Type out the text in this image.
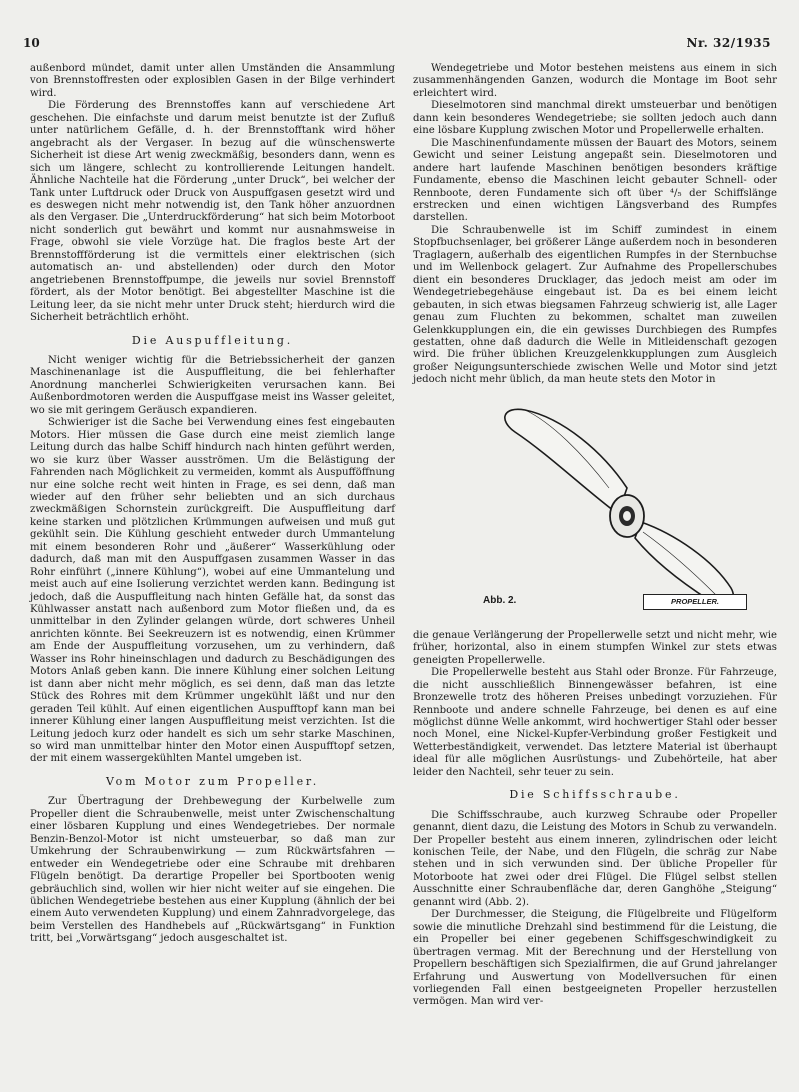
10	Nr. 32/1935

außenbord mündet, damit unter allen Umständen die Ansammlung von Brennstoffresten oder explosiblen Gasen in der Bilge verhindert wird.

Die Förderung des Brennstoffes kann auf verschiedene Art geschehen. Die einfachste und darum meist benutzte ist der Zufluß unter natürlichem Gefälle, d. h. der Brennstofftank wird höher angebracht als der Vergaser. In bezug auf die wünschenswerte Sicherheit ist diese Art wenig zweckmäßig, besonders dann, wenn es sich um längere, schlecht zu kontrollierende Leitungen handelt. Ähnliche Nachteile hat die Förderung „unter Druck“, bei welcher der Tank unter Luftdruck oder Druck von Auspuffgasen gesetzt wird und es deswegen nicht mehr notwendig ist, den Tank höher anzuordnen als den Vergaser. Die „Unterdruckförderung“ hat sich beim Motorboot nicht sonderlich gut bewährt und kommt nur ausnahmsweise in Frage, obwohl sie viele Vorzüge hat. Die fraglos beste Art der Brennstoffförderung ist die vermittels einer elektrischen (sich automatisch an- und abstellenden) oder durch den Motor angetriebenen Brennstoffpumpe, die jeweils nur soviel Brennstoff fördert, als der Motor benötigt. Bei abgestellter Maschine ist die Leitung leer, da sie nicht mehr unter Druck steht; hierdurch wird die Sicherheit beträchtlich erhöht.

Die Auspuffleitung.

Nicht weniger wichtig für die Betriebssicherheit der ganzen Maschinenanlage ist die Auspuffleitung, die bei fehlerhafter Anordnung mancherlei Schwierigkeiten verursachen kann. Bei Außenbordmotoren werden die Auspuffgase meist ins Wasser geleitet, wo sie mit geringem Geräusch expandieren.

Schwieriger ist die Sache bei Verwendung eines fest eingebauten Motors. Hier müssen die Gase durch eine meist ziemlich lange Leitung durch das halbe Schiff hindurch nach hinten geführt werden, wo sie kurz über Wasser ausströmen. Um die Belästigung der Fahrenden nach Möglichkeit zu vermeiden, kommt als Auspufföffnung nur eine solche recht weit hinten in Frage, es sei denn, daß man wieder auf den früher sehr beliebten und an sich durchaus zweckmäßigen Schornstein zurückgreift. Die Auspuffleitung darf keine starken und plötzlichen Krümmungen aufweisen und muß gut gekühlt sein. Die Kühlung geschieht entweder durch Ummantelung mit einem besonderen Rohr und „äußerer“ Wasserkühlung oder dadurch, daß man mit den Auspuffgasen zusammen Wasser in das Rohr einführt („innere Kühlung“), wobei auf eine Ummantelung und meist auch auf eine Isolierung verzichtet werden kann. Bedingung ist jedoch, daß die Auspuffleitung nach hinten Gefälle hat, da sonst das Kühlwasser anstatt nach außenbord zum Motor fließen und, da es unmittelbar in den Zylinder gelangen würde, dort schweres Unheil anrichten könnte. Bei Seekreuzern ist es notwendig, einen Krümmer am Ende der Auspuffleitung vorzusehen, um zu verhindern, daß Wasser ins Rohr hineinschlagen und dadurch zu Beschädigungen des Motors Anlaß geben kann. Die innere Kühlung einer solchen Leitung ist dann aber nicht mehr möglich, es sei denn, daß man das letzte Stück des Rohres mit dem Krümmer ungekühlt läßt und nur den geraden Teil kühlt. Auf einen eigentlichen Auspufftopf kann man bei innerer Kühlung einer langen Auspuffleitung meist verzichten. Ist die Leitung jedoch kurz oder handelt es sich um sehr starke Maschinen, so wird man unmittelbar hinter den Motor einen Auspufftopf setzen, der mit einem wassergekühlten Mantel umgeben ist.

Vom Motor zum Propeller.

Zur Übertragung der Drehbewegung der Kurbelwelle zum Propeller dient die Schraubenwelle, meist unter Zwischenschaltung einer lösbaren Kupplung und eines Wendegetriebes. Der normale Benzin-Benzol-Motor ist nicht umsteuerbar, so daß man zur Umkehrung der Schraubenwirkung — zum Rückwärtsfahren — entweder ein Wendegetriebe oder eine Schraube mit drehbaren Flügeln benötigt. Da derartige Propeller bei Sportbooten wenig gebräuchlich sind, wollen wir hier nicht weiter auf sie eingehen. Die üblichen Wendegetriebe bestehen aus einer Kupplung (ähnlich der bei einem Auto verwendeten Kupplung) und einem Zahnradvorgelege, das beim Verstellen des Handhebels auf „Rückwärtsgang“ in Funktion tritt, bei „Vorwärtsgang“ jedoch ausgeschaltet ist.

Wendegetriebe und Motor bestehen meistens aus einem in sich zusammenhängenden Ganzen, wodurch die Montage im Boot sehr erleichtert wird.

Dieselmotoren sind manchmal direkt umsteuerbar und benötigen dann kein besonderes Wendegetriebe; sie sollten jedoch auch dann eine lösbare Kupplung zwischen Motor und Propellerwelle erhalten.

Die Maschinenfundamente müssen der Bauart des Motors, seinem Gewicht und seiner Leistung angepaßt sein. Dieselmotoren und andere hart laufende Maschinen benötigen besonders kräftige Fundamente, ebenso die Maschinen leicht gebauter Schnell- oder Rennboote, deren Fundamente sich oft über ⁴/₅ der Schiffslänge erstrecken und einen wichtigen Längsverband des Rumpfes darstellen.

Die Schraubenwelle ist im Schiff zumindest in einem Stopfbuchsenlager, bei größerer Länge außerdem noch in besonderen Traglagern, außerhalb des eigentlichen Rumpfes in der Sternbuchse und im Wellenbock gelagert. Zur Aufnahme des Propellerschubes dient ein besonderes Drucklager, das jedoch meist am oder im Wendegetriebegehäuse eingebaut ist. Da es bei einem leicht gebauten, in sich etwas biegsamen Fahrzeug schwierig ist, alle Lager genau zum Fluchten zu bekommen, schaltet man zuweilen Gelenkkupplungen ein, die ein gewisses Durchbiegen des Rumpfes gestatten, ohne daß dadurch die Welle in Mitleidenschaft gezogen wird. Die früher üblichen Kreuzgelenkkupplungen zum Ausgleich großer Neigungsunterschiede zwischen Welle und Motor sind jetzt jedoch nicht mehr üblich, da man heute stets den Motor in

Abb. 2.	PROPELLER.

die genaue Verlängerung der Propellerwelle setzt und nicht mehr, wie früher, horizontal, also in einem stumpfen Winkel zur stets etwas geneigten Propellerwelle.

Die Propellerwelle besteht aus Stahl oder Bronze. Für Fahrzeuge, die nicht ausschließlich Binnengewässer befahren, ist eine Bronzewelle trotz des höheren Preises unbedingt vorzuziehen. Für Rennboote und andere schnelle Fahrzeuge, bei denen es auf eine möglichst dünne Welle ankommt, wird hochwertiger Stahl oder besser noch Monel, eine Nickel-Kupfer-Verbindung großer Festigkeit und Wetterbeständigkeit, verwendet. Das letztere Material ist überhaupt ideal für alle möglichen Ausrüstungs- und Zubehörteile, hat aber leider den Nachteil, sehr teuer zu sein.

Die Schiffsschraube.

Die Schiffsschraube, auch kurzweg Schraube oder Propeller genannt, dient dazu, die Leistung des Motors in Schub zu verwandeln. Der Propeller besteht aus einem inneren, zylindrischen oder leicht konischen Teile, der Nabe, und den Flügeln, die schräg zur Nabe stehen und in sich verwunden sind. Der übliche Propeller für Motorboote hat zwei oder drei Flügel. Die Flügel selbst stellen Ausschnitte einer Schraubenfläche dar, deren Ganghöhe „Steigung“ genannt wird (Abb. 2).

Der Durchmesser, die Steigung, die Flügelbreite und Flügelform sowie die minutliche Drehzahl sind bestimmend für die Leistung, die ein Propeller bei einer gegebenen Schiffsgeschwindigkeit zu übertragen vermag. Mit der Berechnung und der Herstellung von Propellern beschäftigen sich Spezialfirmen, die auf Grund jahrelanger Erfahrung und Auswertung von Modellversuchen für einen vorliegenden Fall einen bestgeeigneten Propeller herzustellen vermögen. Man wird ver-
